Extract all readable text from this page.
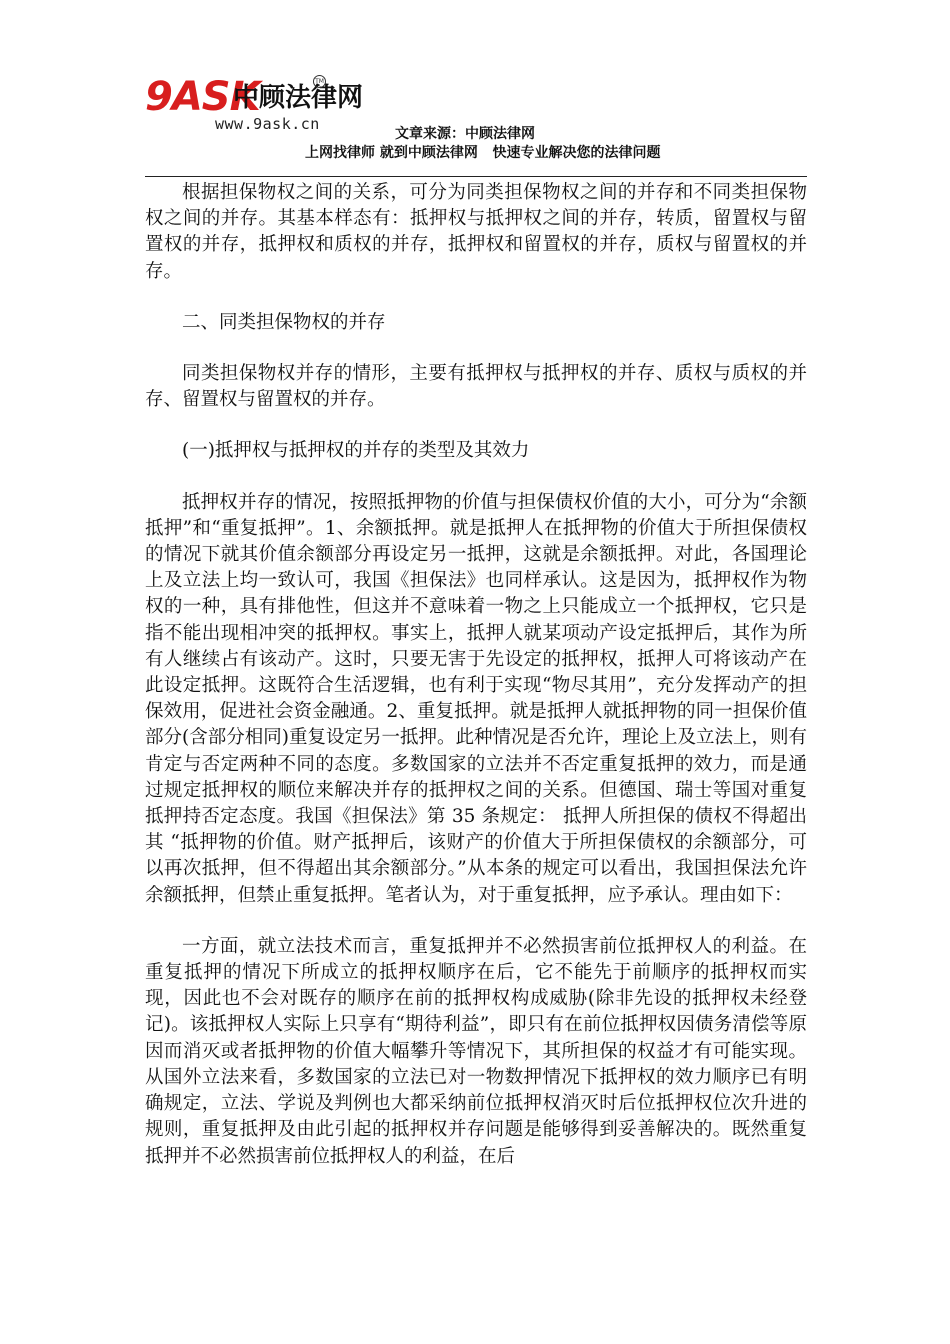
9ASK
中顾法律网
TM
www.9ask.cn
文章来源：中顾法律网
上网找律师 就到中顾法律网   快速专业解决您的法律问题

根据担保物权之间的关系，可分为同类担保物权之间的并存和不同类担保物权之间的并存。其基本样态有：抵押权与抵押权之间的并存，转质，留置权与留置权的并存，抵押权和质权的并存，抵押权和留置权的并存，质权与留置权的并存。

二、同类担保物权的并存

同类担保物权并存的情形，主要有抵押权与抵押权的并存、质权与质权的并存、留置权与留置权的并存。

(一)抵押权与抵押权的并存的类型及其效力

抵押权并存的情况，按照抵押物的价值与担保债权价值的大小，可分为“余额抵押”和“重复抵押”。1、余额抵押。就是抵押人在抵押物的价值大于所担保债权的情况下就其价值余额部分再设定另一抵押，这就是余额抵押。对此，各国理论上及立法上均一致认可，我国《担保法》也同样承认。这是因为，抵押权作为物权的一种，具有排他性，但这并不意味着一物之上只能成立一个抵押权，它只是指不能出现相冲突的抵押权。事实上，抵押人就某项动产设定抵押后，其作为所有人继续占有该动产。这时，只要无害于先设定的抵押权，抵押人可将该动产在此设定抵押。这既符合生活逻辑，也有利于实现“物尽其用”，充分发挥动产的担保效用，促进社会资金融通。2、重复抵押。就是抵押人就抵押物的同一担保价值部分(含部分相同)重复设定另一抵押。此种情况是否允许，理论上及立法上，则有肯定与否定两种不同的态度。多数国家的立法并不否定重复抵押的效力，而是通过规定抵押权的顺位来解决并存的抵押权之间的关系。但德国、瑞士等国对重复抵押持否定态度。我国《担保法》第 35 条规定： 抵押人所担保的债权不得超出其 “抵押物的价值。财产抵押后，该财产的价值大于所担保债权的余额部分，可以再次抵押，但不得超出其余额部分。”从本条的规定可以看出，我国担保法允许余额抵押，但禁止重复抵押。笔者认为，对于重复抵押，应予承认。理由如下：

一方面，就立法技术而言，重复抵押并不必然损害前位抵押权人的利益。在重复抵押的情况下所成立的抵押权顺序在后，它不能先于前顺序的抵押权而实现，因此也不会对既存的顺序在前的抵押权构成威胁(除非先设的抵押权未经登记)。该抵押权人实际上只享有“期待利益”，即只有在前位抵押权因债务清偿等原因而消灭或者抵押物的价值大幅攀升等情况下，其所担保的权益才有可能实现。从国外立法来看，多数国家的立法已对一物数押情况下抵押权的效力顺序已有明确规定，立法、学说及判例也大都采纳前位抵押权消灭时后位抵押权位次升进的规则，重复抵押及由此引起的抵押权并存问题是能够得到妥善解决的。既然重复抵押并不必然损害前位抵押权人的利益，在后
